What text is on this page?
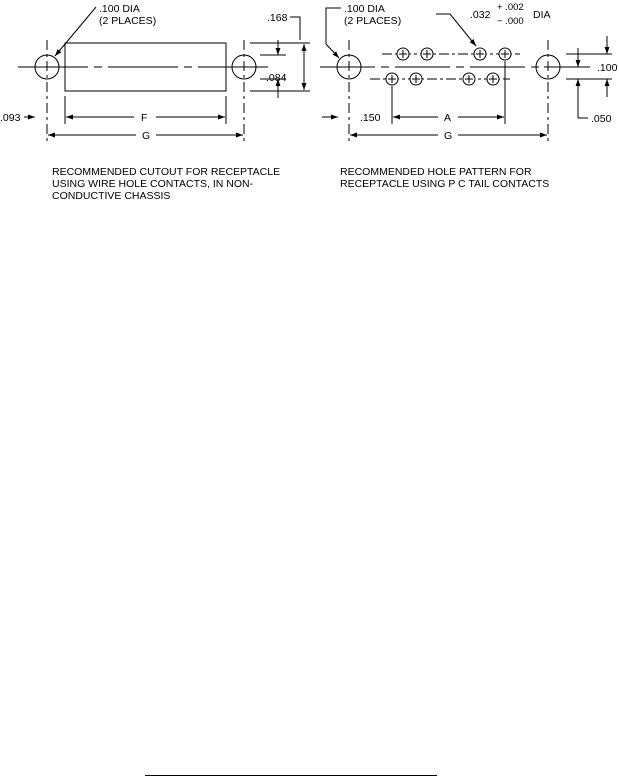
.100 DIA
(2 PLACES)	.168
.084
.093	F
G
.100 DIA
(2 PLACES)	.032
+ .002
− .000
DIA
.100
.050
.150	A
G
RECOMMENDED CUTOUT FOR RECEPTACLE
USING WIRE HOLE CONTACTS, IN NON-
CONDUCTIVE CHASSIS
RECOMMENDED HOLE PATTERN FOR
RECEPTACLE USING P C TAIL CONTACTS
